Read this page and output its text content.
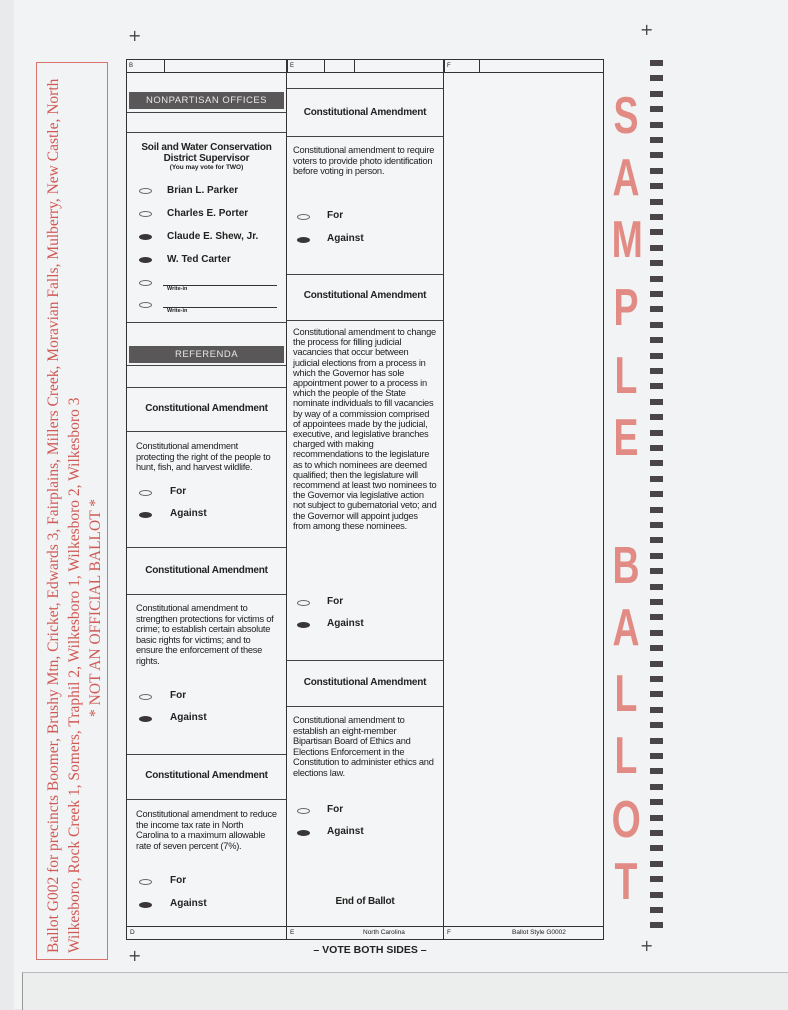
+	+
+
+
Ballot G002 for precincts Boomer, Brushy Mtn, Cricket, Edwards 3, Fairplains, Millers Creek, Moravian Falls, Mulberry, New Castle, North Wilkesboro, Rock Creek 1, Somers, Traphil 2, Wilkesboro 1, Wilkesboro 2, Wilkesboro 3 * NOT AN OFFICIAL BALLOT *
B	E	F
NONPARTISAN OFFICES
Soil and Water Conservation District Supervisor
(You may vote for TWO)
Brian L. Parker
Charles E. Porter
Claude E. Shew, Jr.
W. Ted Carter
Write-in
Write-in
REFERENDA
Constitutional Amendment
Constitutional amendment protecting the right of the people to hunt, fish, and harvest wildlife.
For
Against
Constitutional Amendment
Constitutional amendment to strengthen protections for victims of crime; to establish certain absolute basic rights for victims; and to ensure the enforcement of these rights.
For
Against
Constitutional Amendment
Constitutional amendment to reduce the income tax rate in North Carolina to a maximum allowable rate of seven percent (7%).
For
Against
Constitutional Amendment
Constitutional amendment to require voters to provide photo identification before voting in person.
For
Against
Constitutional Amendment
Constitutional amendment to change the process for filling judicial vacancies that occur between judicial elections from a process in which the Governor has sole appointment power to a process in which the people of the State nominate individuals to fill vacancies by way of a commission comprised of appointees made by the judicial, executive, and legislative branches charged with making recommendations to the legislature as to which nominees are deemed qualified; then the legislature will recommend at least two nominees to the Governor via legislative action not subject to gubernatorial veto; and the Governor will appoint judges from among these nominees.
For
Against
Constitutional Amendment
Constitutional amendment to establish an eight-member Bipartisan Board of Ethics and Elections Enforcement in the Constitution to administer ethics and elections law.
For
Against
End of Ballot
D	E	F
North Carolina	Ballot Style G0002
S
A
M
P
L
E
B
A
L
L
O
T
– VOTE BOTH SIDES –
